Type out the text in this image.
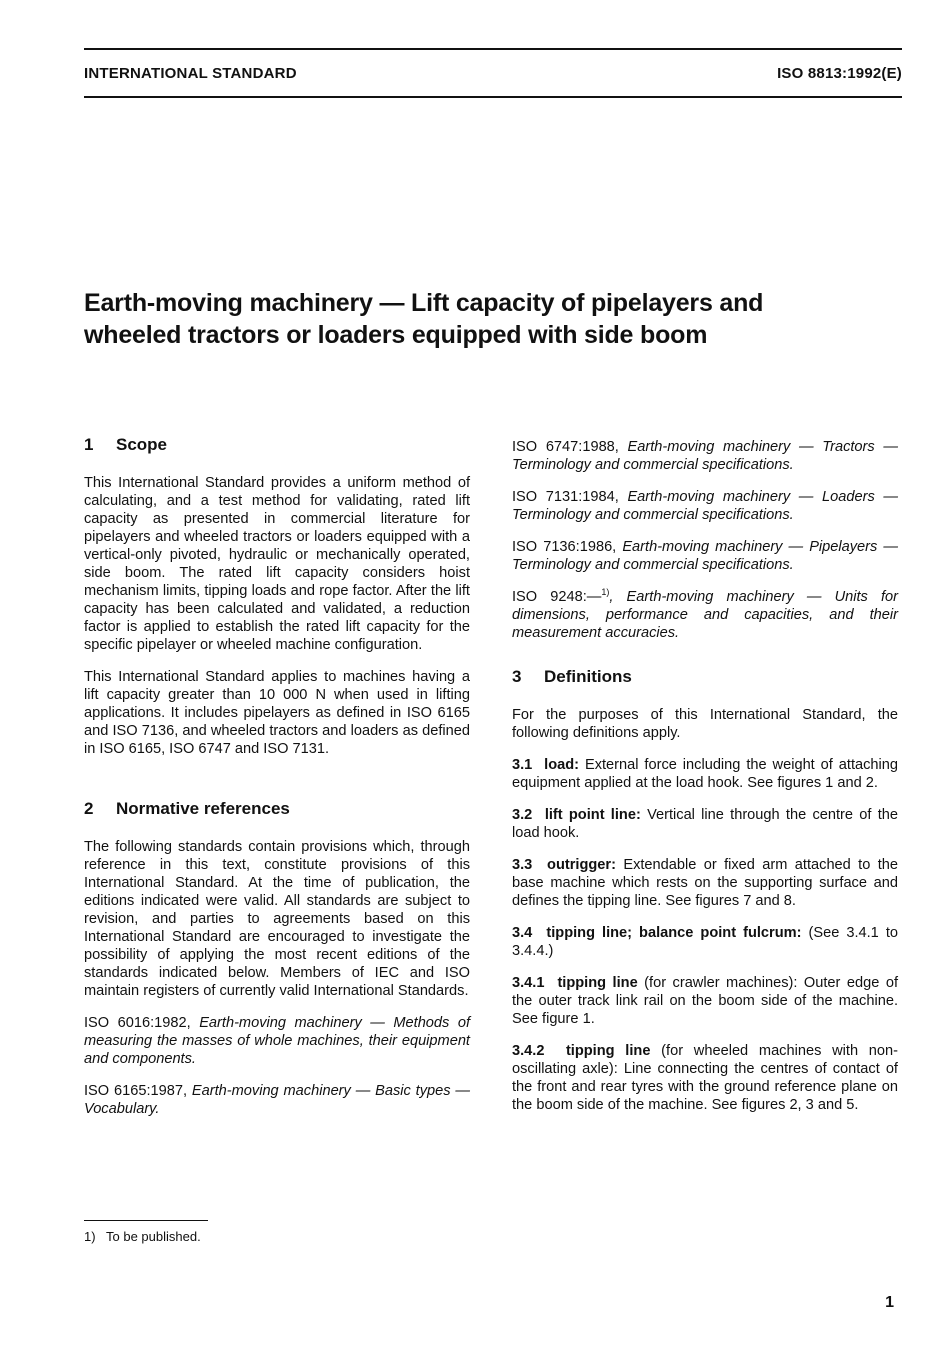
INTERNATIONAL STANDARD	ISO 8813:1992(E)
Earth-moving machinery — Lift capacity of pipelayers and
wheeled tractors or loaders equipped with side boom
1	Scope

This International Standard provides a uniform method of calculating, and a test method for validating, rated lift capacity as presented in commercial literature for pipelayers and wheeled tractors or loaders equipped with a vertical-only pivoted, hydraulic or mechanically operated, side boom. The rated lift capacity considers hoist mechanism limits, tipping loads and rope factor. After the lift capacity has been calculated and validated, a reduction factor is applied to establish the rated lift capacity for the specific pipelayer or wheeled machine configuration.

This International Standard applies to machines having a lift capacity greater than 10 000 N when used in lifting applications. It includes pipelayers as defined in ISO 6165 and ISO 7136, and wheeled tractors and loaders as defined in ISO 6165, ISO 6747 and ISO 7131.

2	Normative references

The following standards contain provisions which, through reference in this text, constitute provisions of this International Standard. At the time of publication, the editions indicated were valid. All standards are subject to revision, and parties to agreements based on this International Standard are encouraged to investigate the possibility of applying the most recent editions of the standards indicated below. Members of IEC and ISO maintain registers of currently valid International Standards.

ISO 6016:1982, Earth-moving machinery — Methods of measuring the masses of whole machines, their equipment and components.

ISO 6165:1987, Earth-moving machinery — Basic types — Vocabulary.

ISO 6747:1988, Earth-moving machinery — Tractors — Terminology and commercial specifications.

ISO 7131:1984, Earth-moving machinery — Loaders — Terminology and commercial specifications.

ISO 7136:1986, Earth-moving machinery — Pipelayers — Terminology and commercial specifications.

ISO 9248:—$^{1)}$, Earth-moving machinery — Units for dimensions, performance and capacities, and their measurement accuracies.

3	Definitions

For the purposes of this International Standard, the following definitions apply.

3.1 load: External force including the weight of attaching equipment applied at the load hook. See figures 1 and 2.

3.2 lift point line: Vertical line through the centre of the load hook.

3.3 outrigger: Extendable or fixed arm attached to the base machine which rests on the supporting surface and defines the tipping line. See figures 7 and 8.

3.4 tipping line; balance point fulcrum: (See 3.4.1 to 3.4.4.)

3.4.1 tipping line (for crawler machines): Outer edge of the outer track link rail on the boom side of the machine. See figure 1.

3.4.2 tipping line (for wheeled machines with non-oscillating axle): Line connecting the centres of contact of the front and rear tyres with the ground reference plane on the boom side of the machine. See figures 2, 3 and 5.

1) To be published.
1
